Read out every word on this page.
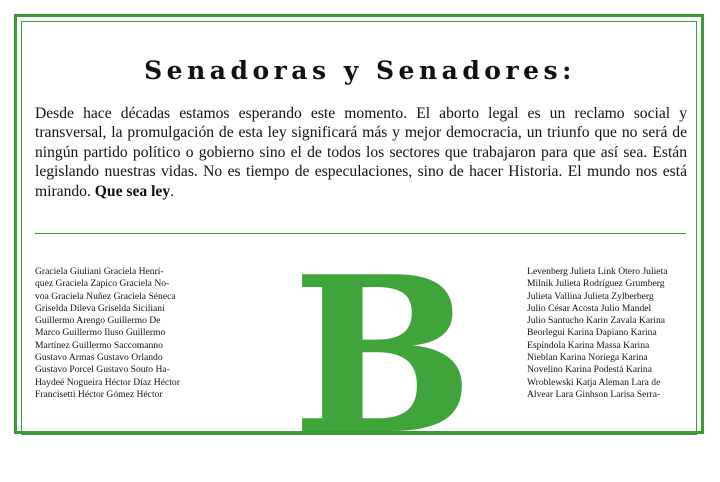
Senadoras y Senadores:

Desde hace décadas estamos esperando este momento. El aborto legal es un reclamo social y transversal, la promulgación de esta ley significará más y mejor democracia, un triunfo que no será de ningún partido político o gobierno sino el de todos los sectores que trabajaron para que así sea. Están legislando nuestras vidas. No es tiempo de especulaciones, sino de hacer Historia. El mundo nos está mirando. Que sea ley.

Graciela Giuliani Graciela Henrí-
quez Graciela Zapico Graciela No-
voa Graciela Nuñez Graciela Séneca
Griselda Dileva Griselda Siciliani
Guillermo Arengo Guillermo De
Marco Guillermo Iluso Guillermo
Martínez Guillermo Saccomanno
Gustavo Armas Gustavo Orlando
Gustavo Porcel Gustavo Souto Ha-
Haydeé Nogueira Héctor Díaz Héctor
Francisetti Héctor Gómez Héctor B	Levenberg Julieta Link Otero Julieta
Milnik Julieta Rodríguez Grumberg
Julieta Vallina Julieta Zylberberg
Julio César Acosta Julio Mandel
Julio Santucho Karin Zavala Karina
Beorlegui Karina Dapiano Karina
Espíndola Karina Massa Karina
Nieblan Karina Noriega Karina
Novelino Karina Podestá Karina
Wroblewski Katja Aleman Lara de
Alvear Lara Ginhson Larisa Serra-
